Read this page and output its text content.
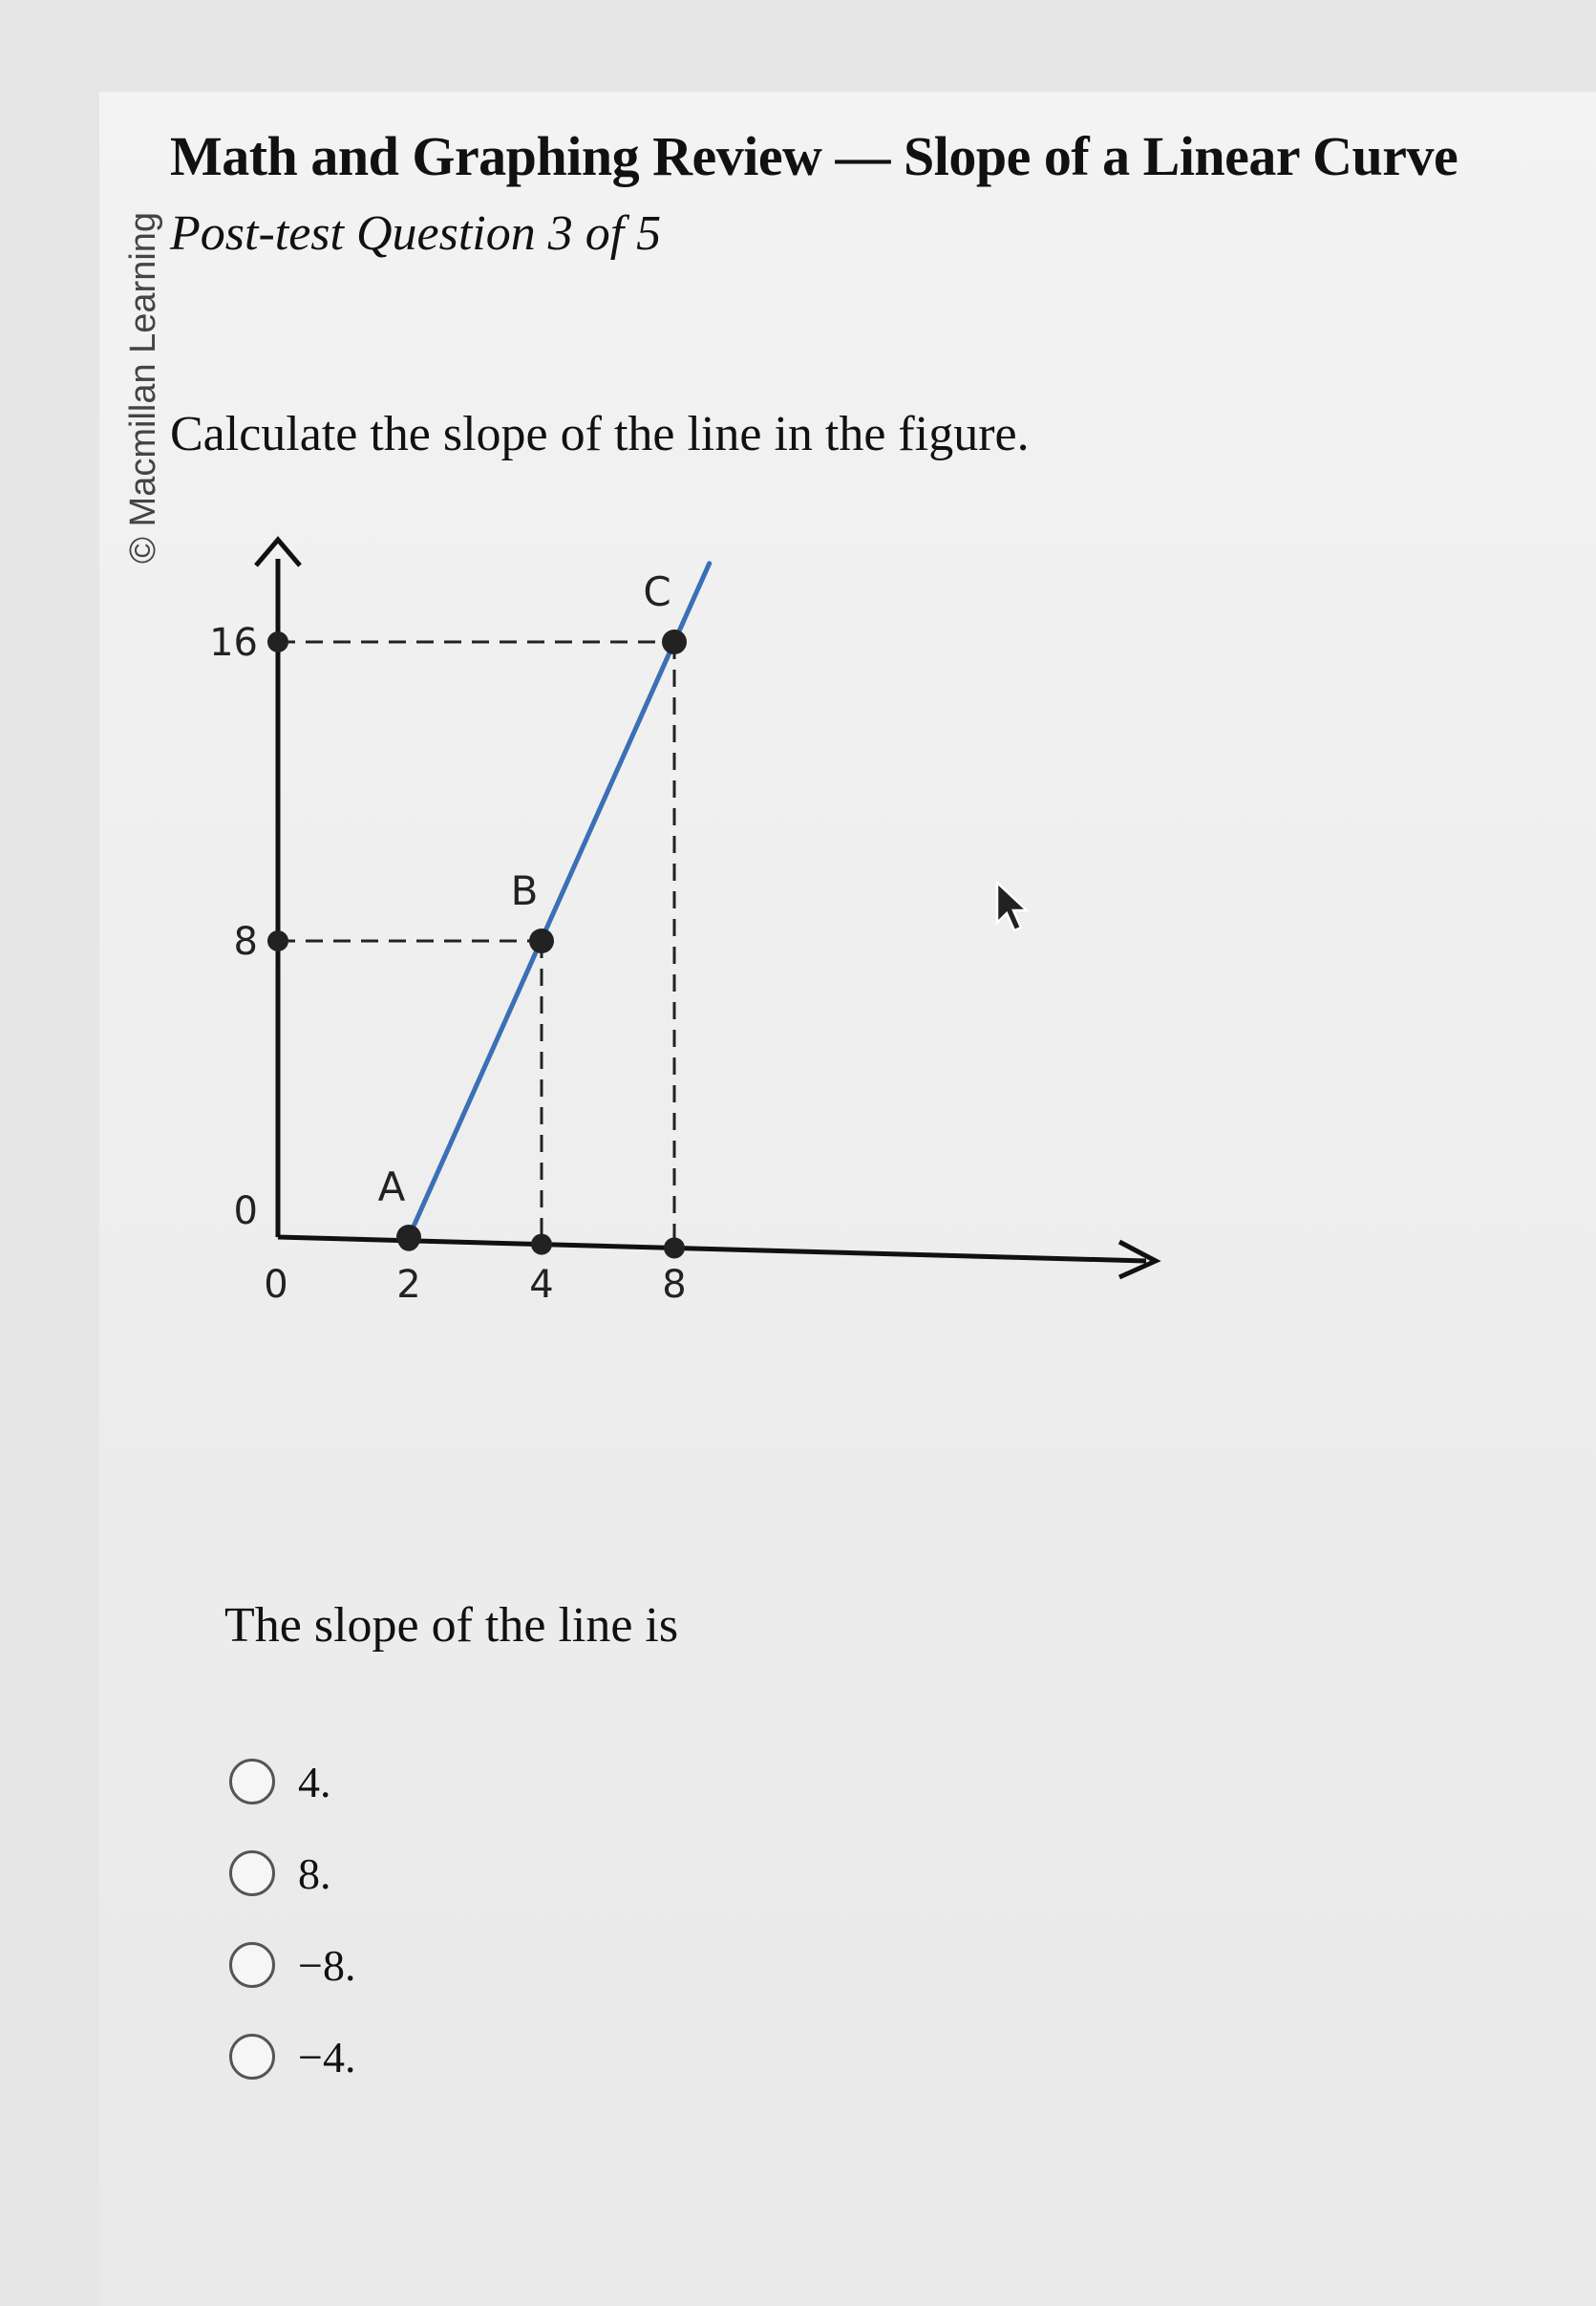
© Macmillan Learning
Math and Graphing Review — Slope of a Linear Curve
Post-test Question 3 of 5
Calculate the slope of the line in the figure.
0
8
16
0	2	4	8
A
B
C
The slope of the line is
4.
8.
−8.
−4.
